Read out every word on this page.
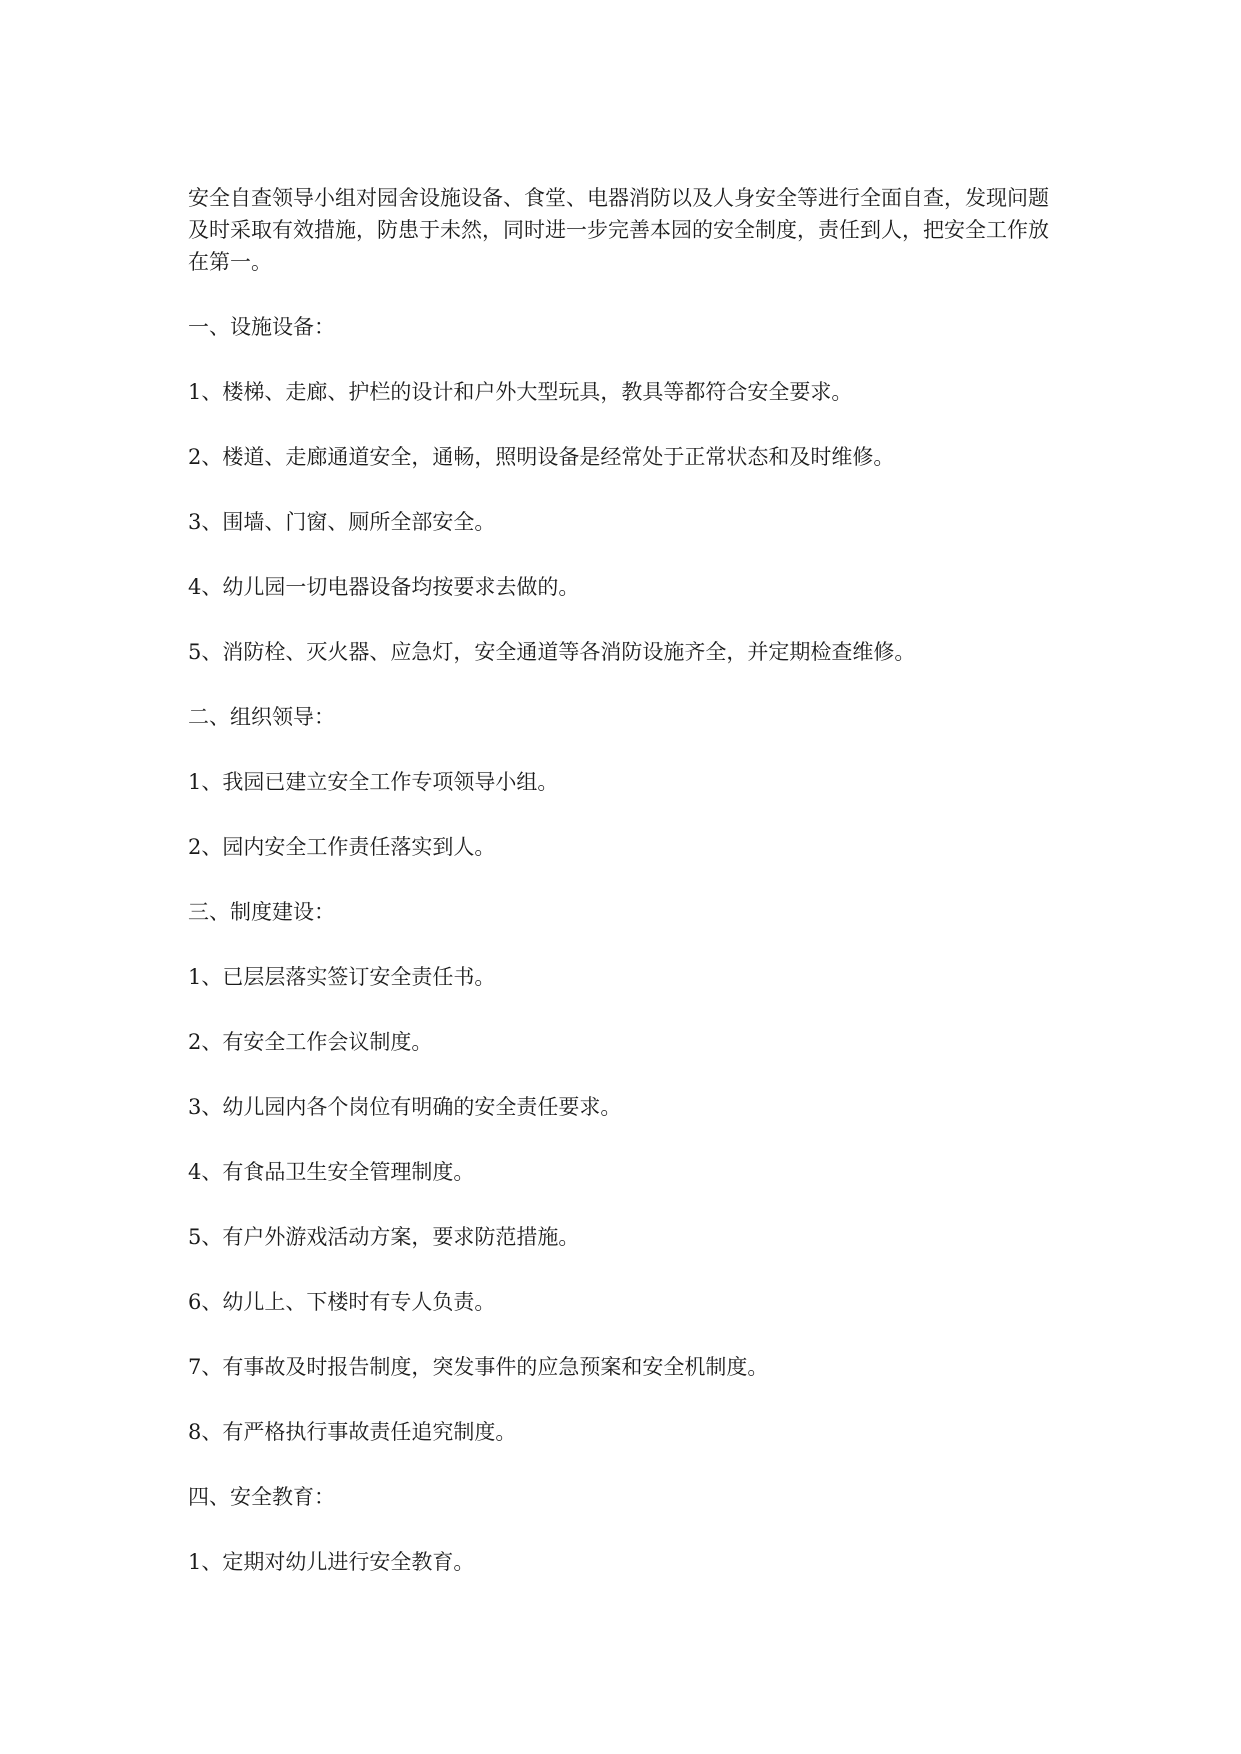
安全自查领导小组对园舍设施设备、食堂、电器消防以及人身安全等进行全面自查，发现问题及时采取有效措施，防患于未然，同时进一步完善本园的安全制度，责任到人，把安全工作放在第一。

一、设施设备：

1、楼梯、走廊、护栏的设计和户外大型玩具，教具等都符合安全要求。

2、楼道、走廊通道安全，通畅，照明设备是经常处于正常状态和及时维修。

3、围墙、门窗、厕所全部安全。

4、幼儿园一切电器设备均按要求去做的。

5、消防栓、灭火器、应急灯，安全通道等各消防设施齐全，并定期检查维修。

二、组织领导：

1、我园已建立安全工作专项领导小组。

2、园内安全工作责任落实到人。

三、制度建设：

1、已层层落实签订安全责任书。

2、有安全工作会议制度。

3、幼儿园内各个岗位有明确的安全责任要求。

4、有食品卫生安全管理制度。

5、有户外游戏活动方案，要求防范措施。

6、幼儿上、下楼时有专人负责。

7、有事故及时报告制度，突发事件的应急预案和安全机制度。

8、有严格执行事故责任追究制度。

四、安全教育：

1、定期对幼儿进行安全教育。
